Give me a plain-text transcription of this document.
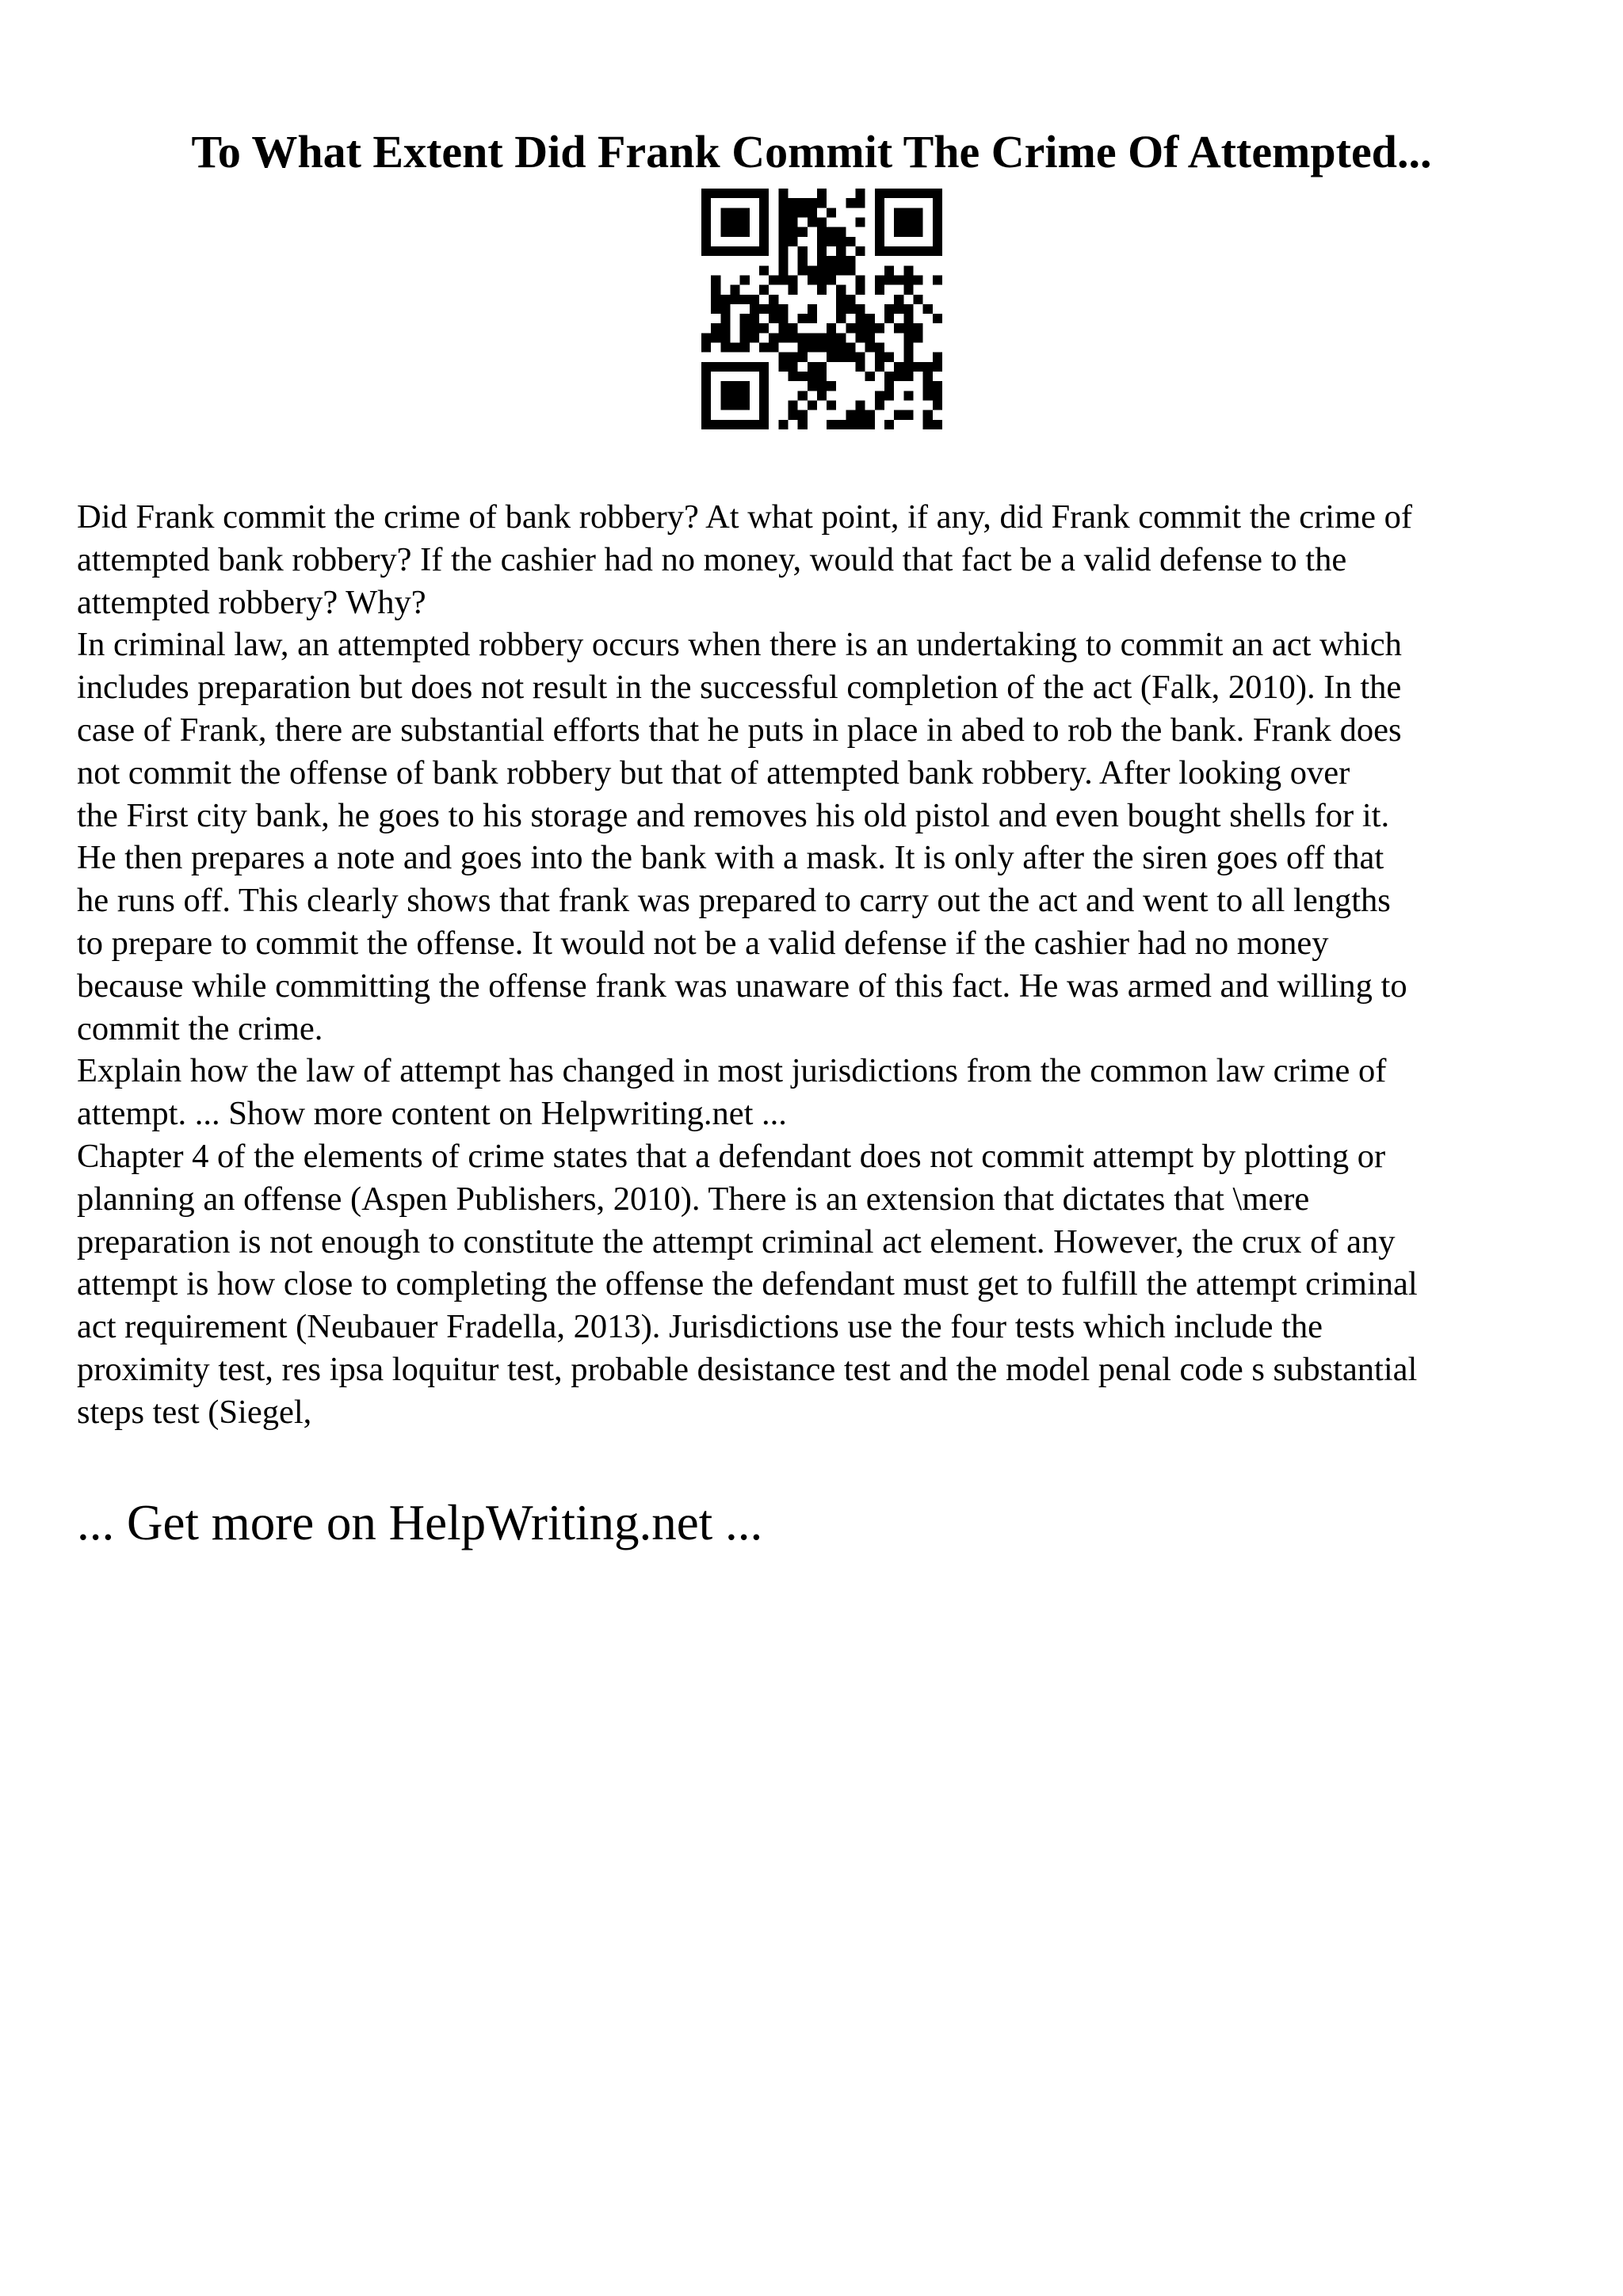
To What Extent Did Frank Commit The Crime Of Attempted...

Did Frank commit the crime of bank robbery? At what point, if any, did Frank commit the crime of
attempted bank robbery? If the cashier had no money, would that fact be a valid defense to the
attempted robbery? Why?

In criminal law, an attempted robbery occurs when there is an undertaking to commit an act which
includes preparation but does not result in the successful completion of the act (Falk, 2010). In the
case of Frank, there are substantial efforts that he puts in place in abed to rob the bank. Frank does
not commit the offense of bank robbery but that of attempted bank robbery. After looking over
the First city bank, he goes to his storage and removes his old pistol and even bought shells for it.
He then prepares a note and goes into the bank with a mask. It is only after the siren goes off that
he runs off. This clearly shows that frank was prepared to carry out the act and went to all lengths
to prepare to commit the offense. It would not be a valid defense if the cashier had no money
because while committing the offense frank was unaware of this fact. He was armed and willing to
commit the crime.

Explain how the law of attempt has changed in most jurisdictions from the common law crime of
attempt. ... Show more content on Helpwriting.net ...

Chapter 4 of the elements of crime states that a defendant does not commit attempt by plotting or
planning an offense (Aspen Publishers, 2010). There is an extension that dictates that \mere
preparation is not enough to constitute the attempt criminal act element. However, the crux of any
attempt is how close to completing the offense the defendant must get to fulfill the attempt criminal
act requirement (Neubauer Fradella, 2013). Jurisdictions use the four tests which include the
proximity test, res ipsa loquitur test, probable desistance test and the model penal code s substantial
steps test (Siegel,

... Get more on HelpWriting.net ...
